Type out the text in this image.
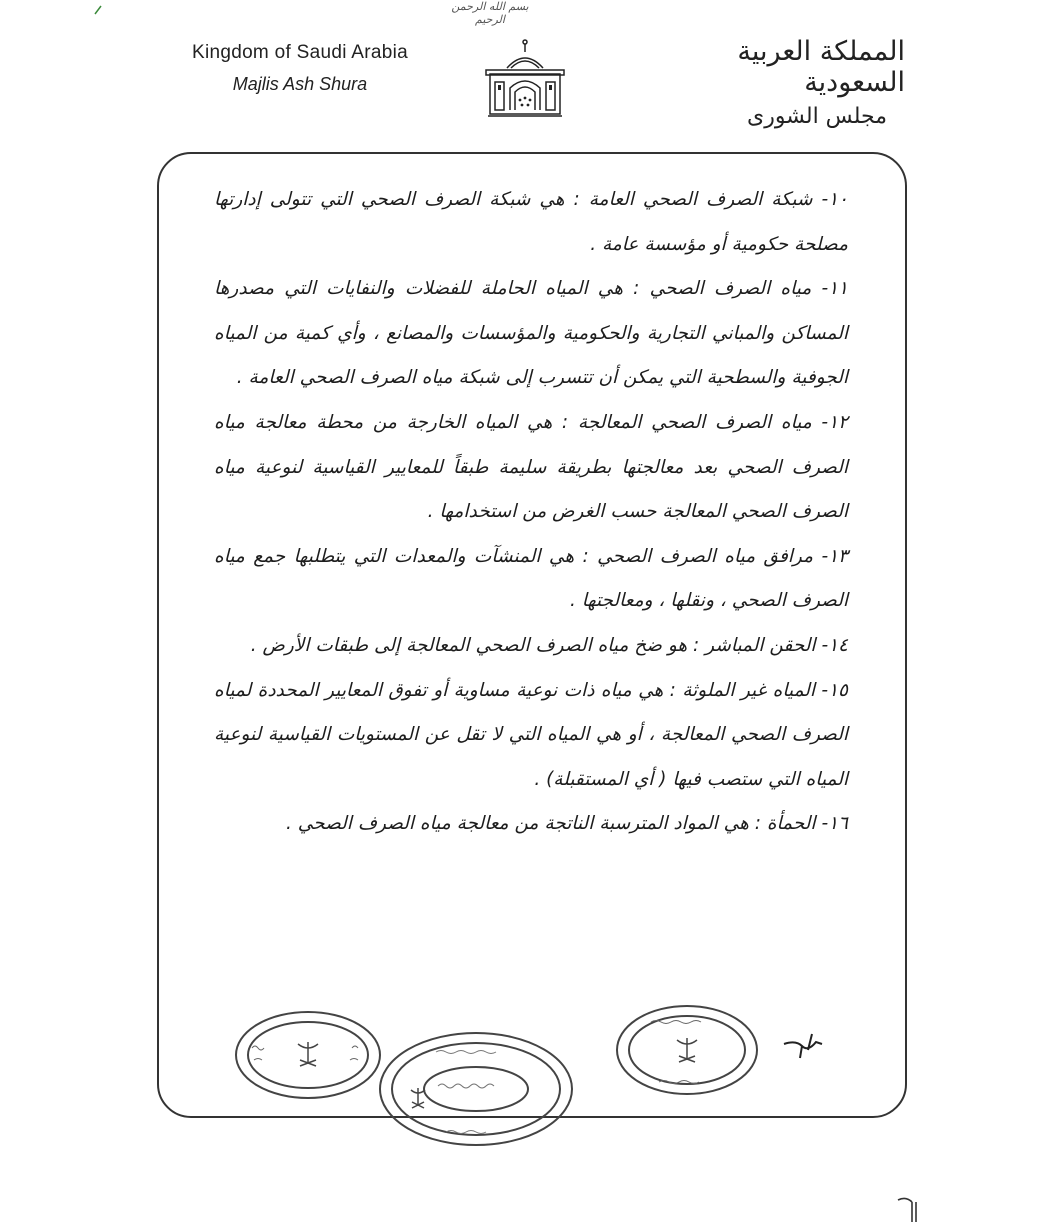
بسم الله الرحمن الرحيم
Kingdom of Saudi Arabia
Majlis Ash Shura
المملكة العربية السعودية
مجلس الشورى

١٠- شبكة الصرف الصحي العامة : هي شبكة الصرف الصحي التي تتولى إدارتها مصلحة حكومية أو مؤسسة عامة .

١١- مياه الصرف الصحي : هي المياه الحاملة للفضلات والنفايات التي مصدرها المساكن والمباني التجارية والحكومية والمؤسسات والمصانع ، وأي كمية من المياه الجوفية والسطحية التي يمكن أن تتسرب إلى شبكة مياه الصرف الصحي العامة .

١٢- مياه الصرف الصحي المعالجة : هي المياه الخارجة من محطة معالجة مياه الصرف الصحي بعد معالجتها بطريقة سليمة طبقاً للمعايير القياسية لنوعية مياه الصرف الصحي المعالجة حسب الغرض من استخدامها .

١٣- مرافق مياه الصرف الصحي : هي المنشآت والمعدات التي يتطلبها جمع مياه الصرف الصحي ، ونقلها ، ومعالجتها .

١٤- الحقن المباشر : هو ضخ مياه الصرف الصحي المعالجة إلى طبقات الأرض .

١٥- المياه غير الملوثة : هي مياه ذات نوعية مساوية أو تفوق المعايير المحددة لمياه الصرف الصحي المعالجة ، أو هي المياه التي لا تقل عن المستويات القياسية لنوعية المياه التي ستصب فيها ( أي المستقبلة) .

١٦- الحمأة : هي المواد المترسبة الناتجة من معالجة مياه الصرف الصحي .
